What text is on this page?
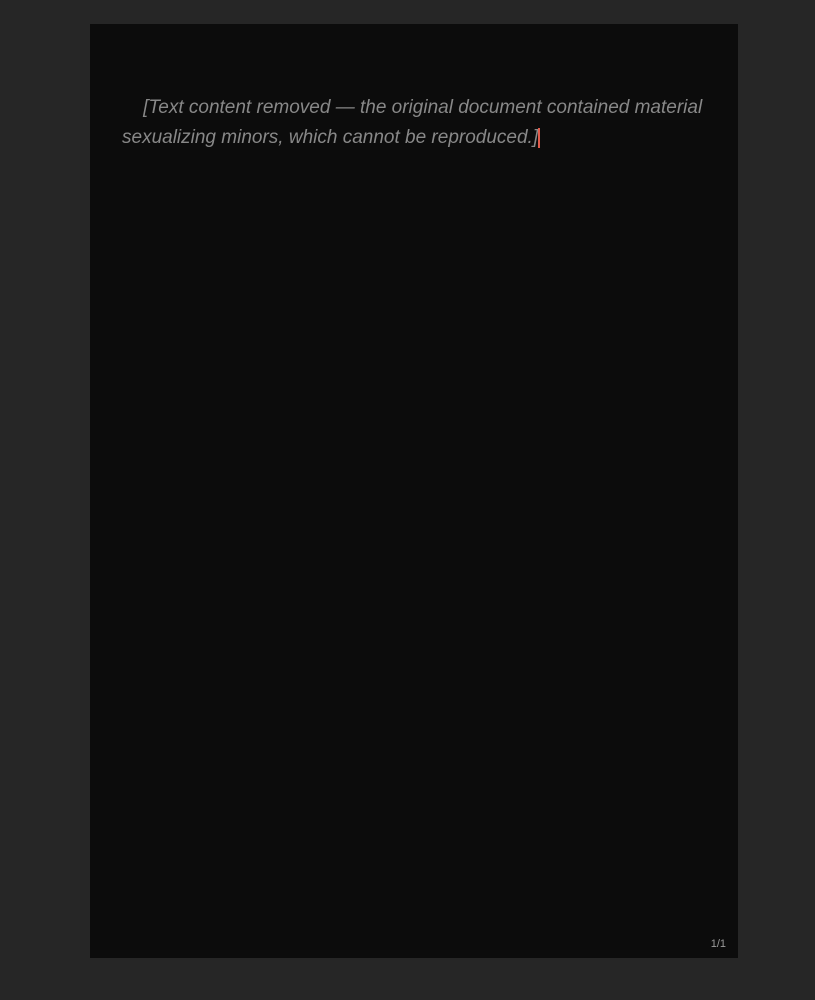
[Text content removed — the original document contained material sexualizing minors, which cannot be reproduced.]

1/1
